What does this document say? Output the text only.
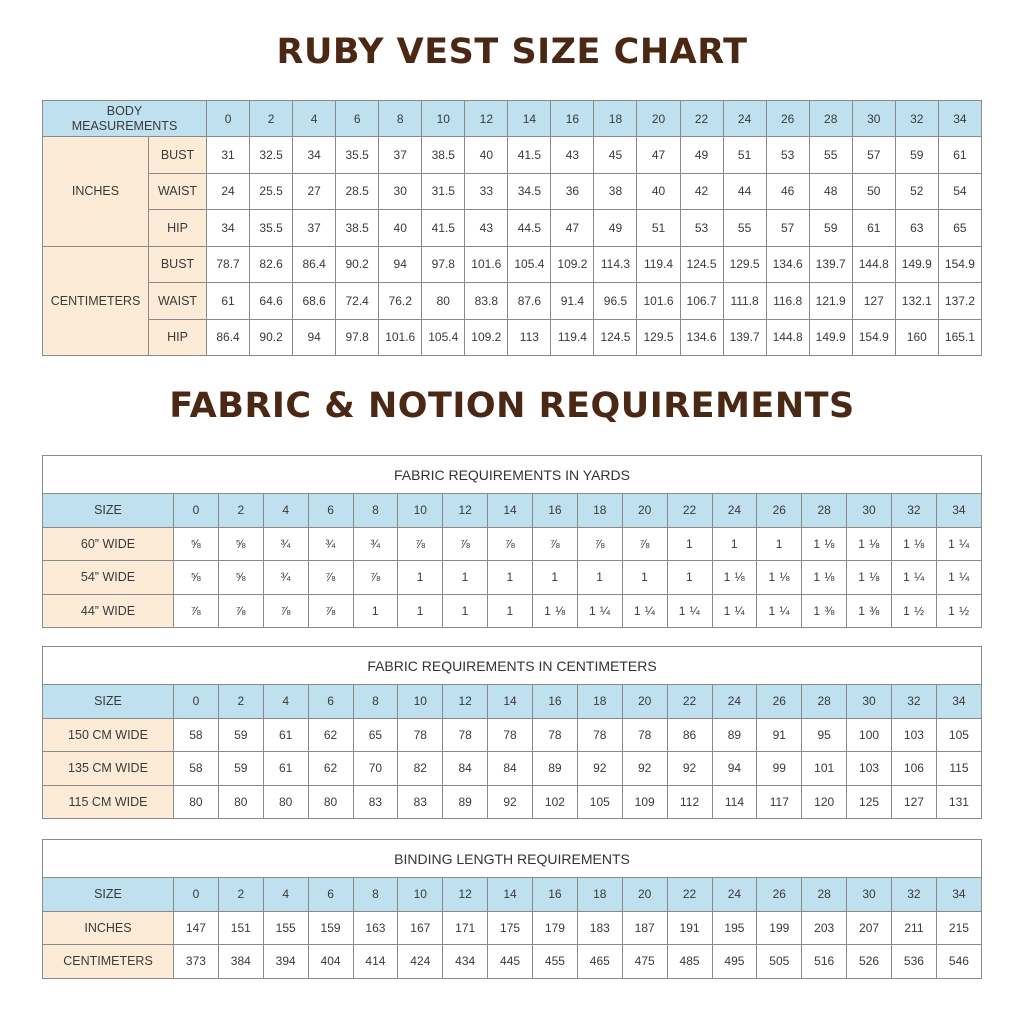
RUBY VEST SIZE CHART
BODY
MEASUREMENTS		0	2	4	6	8	10	12	14	16	18	20	22	24	26	28	30	32	34
INCHES	BUST	31	32.5	34	35.5	37	38.5	40	41.5	43	45	47	49	51	53	55	57	59	61
	WAIST	24	25.5	27	28.5	30	31.5	33	34.5	36	38	40	42	44	46	48	50	52	54
	HIP	34	35.5	37	38.5	40	41.5	43	44.5	47	49	51	53	55	57	59	61	63	65
CENTIMETERS	BUST	78.7	82.6	86.4	90.2	94	97.8	101.6	105.4	109.2	114.3	119.4	124.5	129.5	134.6	139.7	144.8	149.9	154.9
	WAIST	61	64.6	68.6	72.4	76.2	80	83.8	87.6	91.4	96.5	101.6	106.7	111.8	116.8	121.9	127	132.1	137.2
	HIP	86.4	90.2	94	97.8	101.6	105.4	109.2	113	119.4	124.5	129.5	134.6	139.7	144.8	149.9	154.9	160	165.1
FABRIC & NOTION REQUIREMENTS
FABRIC REQUIREMENTS IN YARDS																		
SIZE	0	2	4	6	8	10	12	14	16	18	20	22	24	26	28	30	32	34
60” WIDE	⅝	⅝	¾	¾	¾	⅞	⅞	⅞	⅞	⅞	⅞	1	1	1	1 ⅛	1 ⅛	1 ⅛	1 ¼
54” WIDE	⅝	⅝	¾	⅞	⅞	1	1	1	1	1	1	1	1 ⅛	1 ⅛	1 ⅛	1 ⅛	1 ¼	1 ¼
44” WIDE	⅞	⅞	⅞	⅞	1	1	1	1	1 ⅛	1 ¼	1 ¼	1 ¼	1 ¼	1 ¼	1 ⅜	1 ⅜	1 ½	1 ½
FABRIC REQUIREMENTS IN CENTIMETERS																		
SIZE	0	2	4	6	8	10	12	14	16	18	20	22	24	26	28	30	32	34
150 CM WIDE	58	59	61	62	65	78	78	78	78	78	78	86	89	91	95	100	103	105
135 CM WIDE	58	59	61	62	70	82	84	84	89	92	92	92	94	99	101	103	106	115
115 CM WIDE	80	80	80	80	83	83	89	92	102	105	109	112	114	117	120	125	127	131
BINDING LENGTH REQUIREMENTS																		
SIZE	0	2	4	6	8	10	12	14	16	18	20	22	24	26	28	30	32	34
INCHES	147	151	155	159	163	167	171	175	179	183	187	191	195	199	203	207	211	215
CENTIMETERS	373	384	394	404	414	424	434	445	455	465	475	485	495	505	516	526	536	546
